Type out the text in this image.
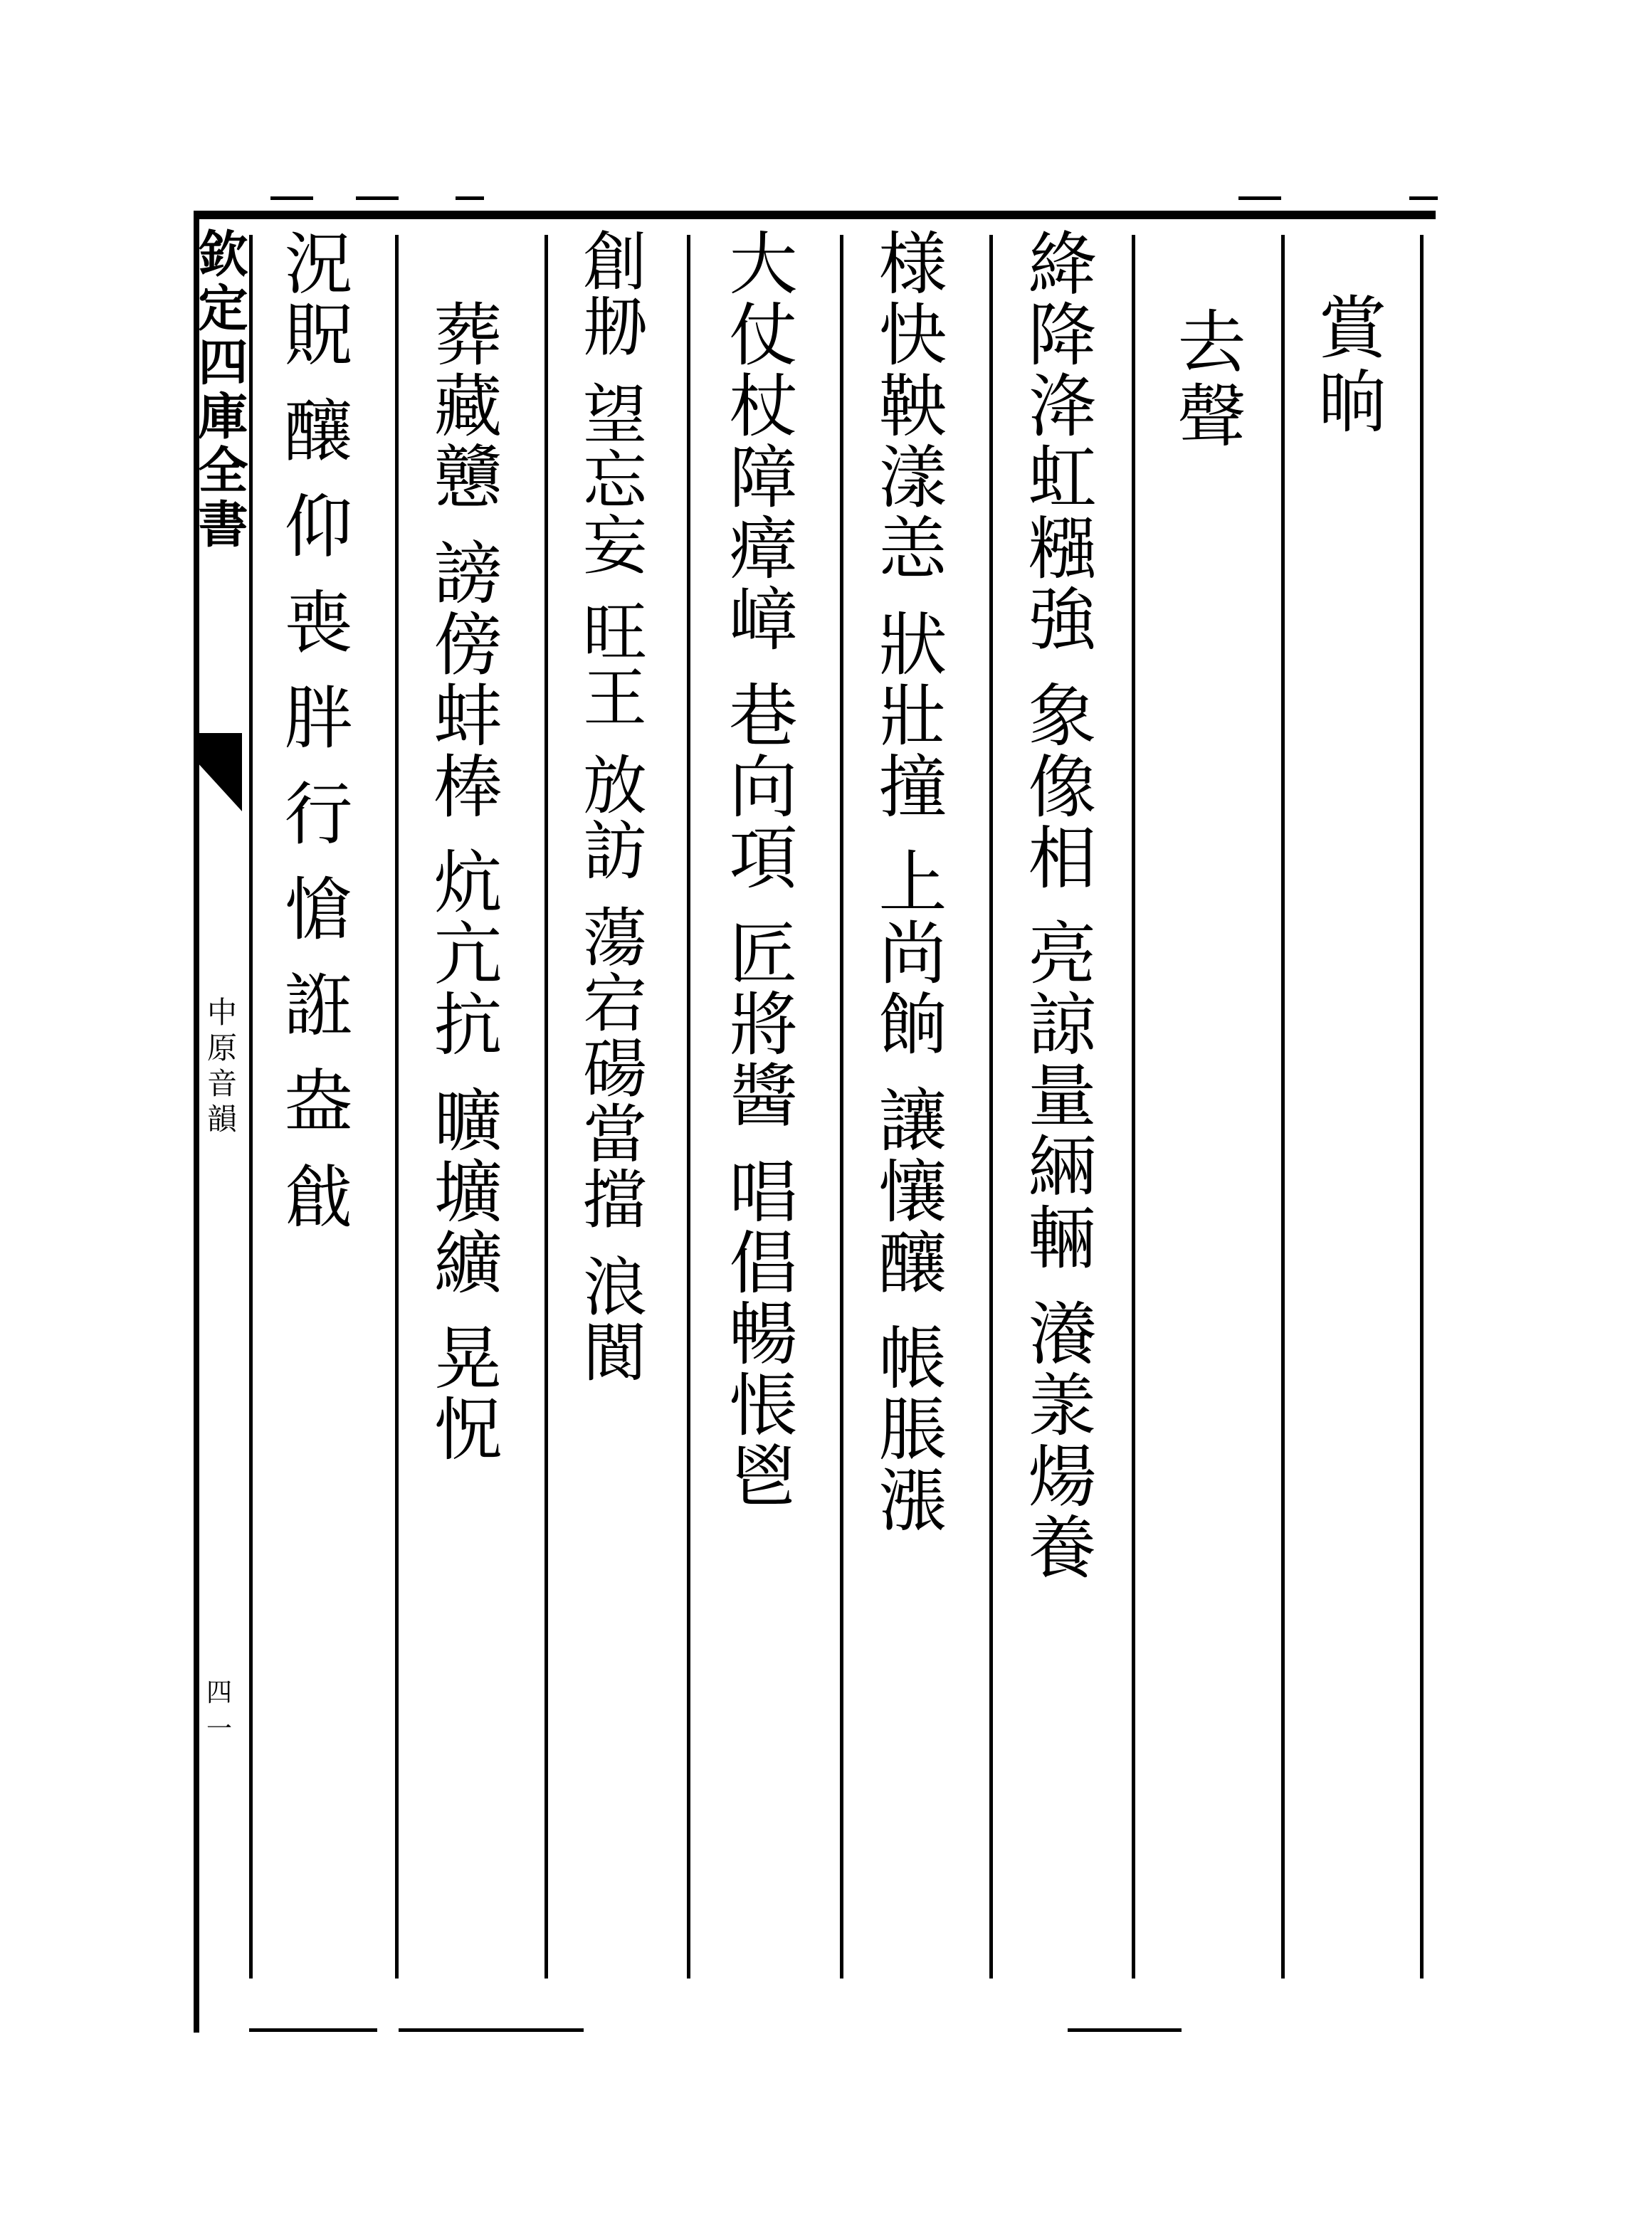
欽定四庫全書
中原音韻
四一
賞晌
去聲
絳降洚虹糨強 象像相 亮諒量緉輛 瀁羕煬養
様快鞅漾恙 狀壯撞 上尚餉 讓懹釀 帳脹漲
大仗杖障瘴嶂 巷向項 匠將醬 唱倡暢悵鬯
創刱 望忘妄 旺王 放訪 蕩宕碭當擋 浪閬
葬藏戇 謗傍蚌棒 炕亢抗 曠壙纊 晃怳
況貺 釀 仰 喪 胖 行 愴 誑 盎 戧
